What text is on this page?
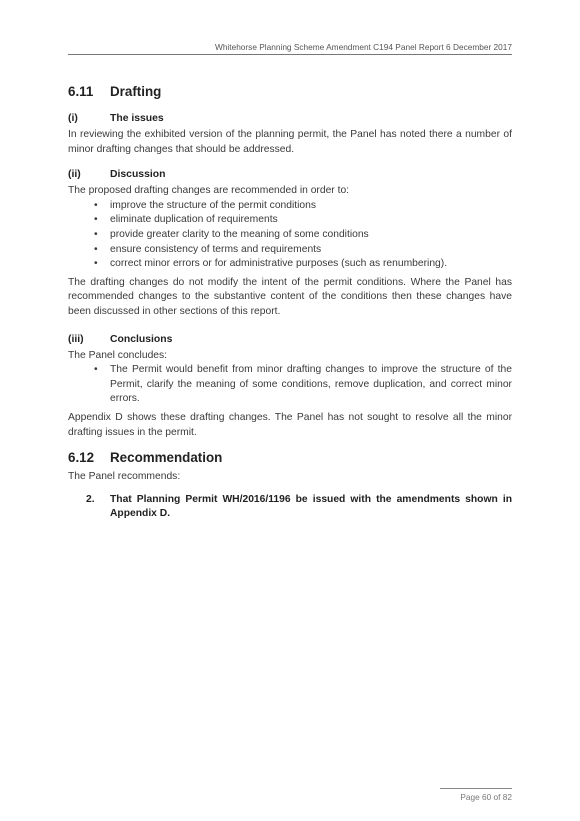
Whitehorse Planning Scheme Amendment C194 Panel Report 6 December 2017
6.11	Drafting
(i)	The issues

In reviewing the exhibited version of the planning permit, the Panel has noted there a number of minor drafting changes that should be addressed.

(ii)	Discussion

The proposed drafting changes are recommended in order to:

• improve the structure of the permit conditions
• eliminate duplication of requirements
• provide greater clarity to the meaning of some conditions
• ensure consistency of terms and requirements
• correct minor errors or for administrative purposes (such as renumbering).

The drafting changes do not modify the intent of the permit conditions. Where the Panel has recommended changes to the substantive content of the conditions then these changes have been discussed in other sections of this report.

(iii)	Conclusions

The Panel concludes:

• The Permit would benefit from minor drafting changes to improve the structure of the Permit, clarify the meaning of some conditions, remove duplication, and correct minor errors.

Appendix D shows these drafting changes. The Panel has not sought to resolve all the minor drafting issues in the permit.

6.12	Recommendation

The Panel recommends:

2.	That Planning Permit WH/2016/1196 be issued with the amendments shown in Appendix D.
Page 60 of 82
